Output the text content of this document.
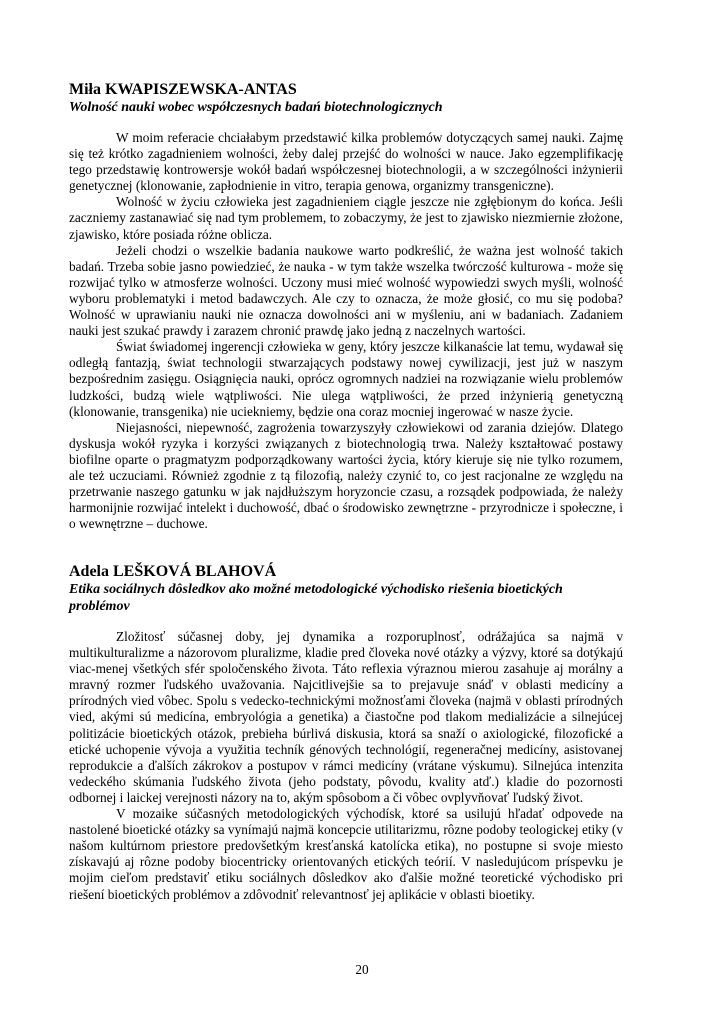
Miła KWAPISZEWSKA-ANTAS
Wolność nauki wobec współczesnych badań biotechnologicznych

W moim referacie chciałabym przedstawić kilka problemów dotyczących samej nauki. Zajmę się też krótko zagadnieniem wolności, żeby dalej przejść do wolności w nauce. Jako egzemplifikację tego przedstawię kontrowersje wokół badań współczesnej biotechnologii, a w szczególności inżynierii genetycznej (klonowanie, zapłodnienie in vitro, terapia genowa, organizmy transgeniczne).

Wolność w życiu człowieka jest zagadnieniem ciągle jeszcze nie zgłębionym do końca. Jeśli zaczniemy zastanawiać się nad tym problemem, to zobaczymy, że jest to zjawisko niezmiernie złożone, zjawisko, które posiada różne oblicza.

Jeżeli chodzi o wszelkie badania naukowe warto podkreślić, że ważna jest wolność takich badań. Trzeba sobie jasno powiedzieć, że nauka - w tym także wszelka twórczość kulturowa - może się rozwijać tylko w atmosferze wolności. Uczony musi mieć wolność wypowiedzi swych myśli, wolność wyboru problematyki i metod badawczych. Ale czy to oznacza, że może głosić, co mu się podoba? Wolność w uprawianiu nauki nie oznacza dowolności ani w myśleniu, ani w badaniach. Zadaniem nauki jest szukać prawdy i zarazem chronić prawdę jako jedną z naczelnych wartości.

Świat świadomej ingerencji człowieka w geny, który jeszcze kilkanaście lat temu, wydawał się odległą fantazją, świat technologii stwarzających podstawy nowej cywilizacji, jest już w naszym bezpośrednim zasięgu. Osiągnięcia nauki, oprócz ogromnych nadziei na rozwiązanie wielu problemów ludzkości, budzą wiele wątpliwości. Nie ulega wątpliwości, że przed inżynierią genetyczną (klonowanie, transgenika) nie uciekniemy, będzie ona coraz mocniej ingerować w nasze życie.

Niejasności, niepewność, zagrożenia towarzyszyły człowiekowi od zarania dziejów. Dlatego dyskusja wokół ryzyka i korzyści związanych z biotechnologią trwa. Należy kształtować postawy biofilne oparte o pragmatyzm podporządkowany wartości życia, który kieruje się nie tylko rozumem, ale też uczuciami. Również zgodnie z tą filozofią, należy czynić to, co jest racjonalne ze względu na przetrwanie naszego gatunku w jak najdłuższym horyzoncie czasu, a rozsądek podpowiada, że należy harmonijnie rozwijać intelekt i duchowość, dbać o środowisko zewnętrzne - przyrodnicze i społeczne, i o wewnętrzne – duchowe.

Adela LEŠKOVÁ BLAHOVÁ
Etika sociálnych dôsledkov ako možné metodologické východisko riešenia bioetických problémov

Zložitosť súčasnej doby, jej dynamika a rozporuplnosť, odrážajúca sa najmä v multikulturalizme a názorovom pluralizme, kladie pred človeka nové otázky a výzvy, ktoré sa dotýkajú viac-menej všetkých sfér spoločenského života. Táto reflexia výraznou mierou zasahuje aj morálny a mravný rozmer ľudského uvažovania. Najcitlivejšie sa to prejavuje snáď v oblasti medicíny a prírodných vied vôbec. Spolu s vedecko-technickými možnosťami človeka (najmä v oblasti prírodných vied, akými sú medicína, embryológia a genetika) a čiastočne pod tlakom medializácie a silnejúcej politizácie bioetických otázok, prebieha búrlivá diskusia, ktorá sa snaží o axiologické, filozofické a etické uchopenie vývoja a využitia techník génových technológií, regeneračnej medicíny, asistovanej reprodukcie a ďalších zákrokov a postupov v rámci medicíny (vrátane výskumu). Silnejúca intenzita vedeckého skúmania ľudského života (jeho podstaty, pôvodu, kvality atď.) kladie do pozornosti odbornej i laickej verejnosti názory na to, akým spôsobom a či vôbec ovplyvňovať ľudský život.

V mozaike súčasných metodologických východísk, ktoré sa usilujú hľadať odpovede na nastolené bioetické otázky sa vynímajú najmä koncepcie utilitarizmu, rôzne podoby teologickej etiky (v našom kultúrnom priestore predovšetkým kresťanská katolícka etika), no postupne si svoje miesto získavajú aj rôzne podoby biocentricky orientovaných etických teórií. V nasledujúcom príspevku je mojim cieľom predstaviť etiku sociálnych dôsledkov ako ďalšie možné teoretické východisko pri riešení bioetických problémov a zdôvodniť relevantnosť jej aplikácie v oblasti bioetiky.

20
